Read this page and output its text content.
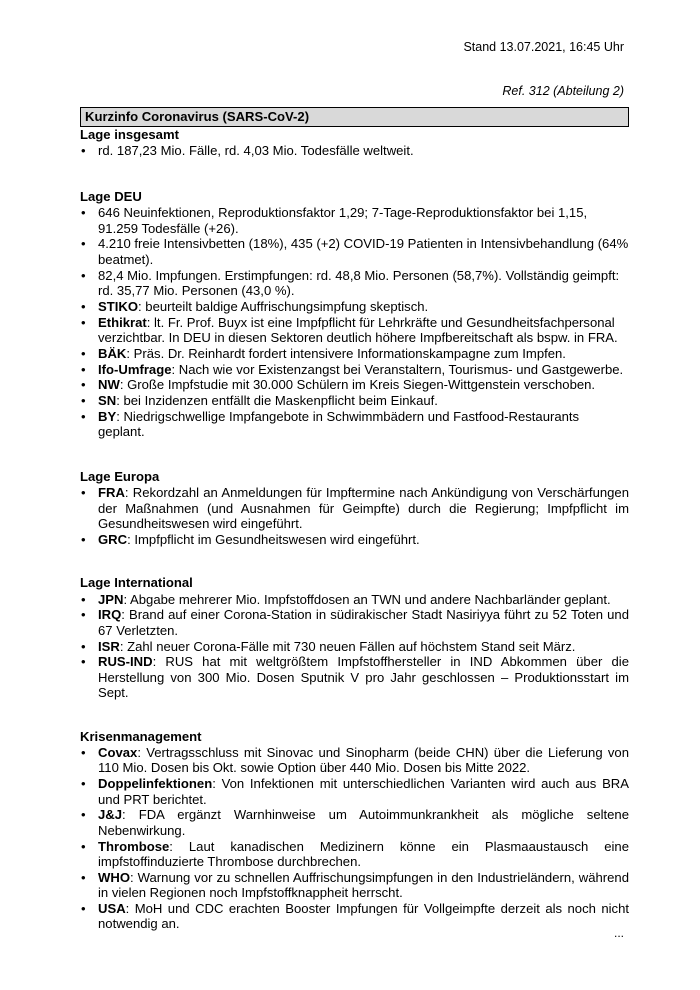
Stand 13.07.2021, 16:45 Uhr
Ref. 312 (Abteilung 2)
Kurzinfo Coronavirus (SARS-CoV-2)
Lage insgesamt
• rd. 187,23 Mio. Fälle, rd. 4,03 Mio. Todesfälle weltweit.
Lage DEU
• 646 Neuinfektionen, Reproduktionsfaktor 1,29; 7-Tage-Reproduktionsfaktor bei 1,15, 91.259 Todesfälle (+26).
• 4.210 freie Intensivbetten (18%), 435 (+2) COVID-19 Patienten in Intensivbehandlung (64% beatmet).
• 82,4 Mio. Impfungen. Erstimpfungen: rd. 48,8 Mio. Personen (58,7%). Vollständig geimpft: rd. 35,77 Mio. Personen (43,0 %).
• STIKO: beurteilt baldige Auffrischungsimpfung skeptisch.
• Ethikrat: lt. Fr. Prof. Buyx ist eine Impfpflicht für Lehrkräfte und Gesundheitsfachpersonal verzichtbar. In DEU in diesen Sektoren deutlich höhere Impfbereitschaft als bspw. in FRA.
• BÄK: Präs. Dr. Reinhardt fordert intensivere Informationskampagne zum Impfen.
• Ifo-Umfrage: Nach wie vor Existenzangst bei Veranstaltern, Tourismus- und Gastgewerbe.
• NW: Große Impfstudie mit 30.000 Schülern im Kreis Siegen-Wittgenstein verschoben.
• SN: bei Inzidenzen entfällt die Maskenpflicht beim Einkauf.
• BY: Niedrigschwellige Impfangebote in Schwimmbädern und Fastfood-Restaurants geplant.
Lage Europa
• FRA: Rekordzahl an Anmeldungen für Impftermine nach Ankündigung von Verschärfungen der Maßnahmen (und Ausnahmen für Geimpfte) durch die Regierung; Impfpflicht im Gesundheitswesen wird eingeführt.
• GRC: Impfpflicht im Gesundheitswesen wird eingeführt.
Lage International
• JPN: Abgabe mehrerer Mio. Impfstoffdosen an TWN und andere Nachbarländer geplant.
• IRQ: Brand auf einer Corona-Station in südirakischer Stadt Nasiriyya führt zu 52 Toten und 67 Verletzten.
• ISR: Zahl neuer Corona-Fälle mit 730 neuen Fällen auf höchstem Stand seit März.
• RUS-IND: RUS hat mit weltgrößtem Impfstoffhersteller in IND Abkommen über die Herstellung von 300 Mio. Dosen Sputnik V pro Jahr geschlossen – Produktionsstart im Sept.
Krisenmanagement
• Covax: Vertragsschluss mit Sinovac und Sinopharm (beide CHN) über die Lieferung von 110 Mio. Dosen bis Okt. sowie Option über 440 Mio. Dosen bis Mitte 2022.
• Doppelinfektionen: Von Infektionen mit unterschiedlichen Varianten wird auch aus BRA und PRT berichtet.
• J&J: FDA ergänzt Warnhinweise um Autoimmunkrankheit als mögliche seltene Nebenwirkung.
• Thrombose: Laut kanadischen Medizinern könne ein Plasmaaustausch eine impfstoffinduzierte Thrombose durchbrechen.
• WHO: Warnung vor zu schnellen Auffrischungsimpfungen in den Industrieländern, während in vielen Regionen noch Impfstoffknappheit herrscht.
• USA: MoH und CDC erachten Booster Impfungen für Vollgeimpfte derzeit als noch nicht notwendig an.
...
